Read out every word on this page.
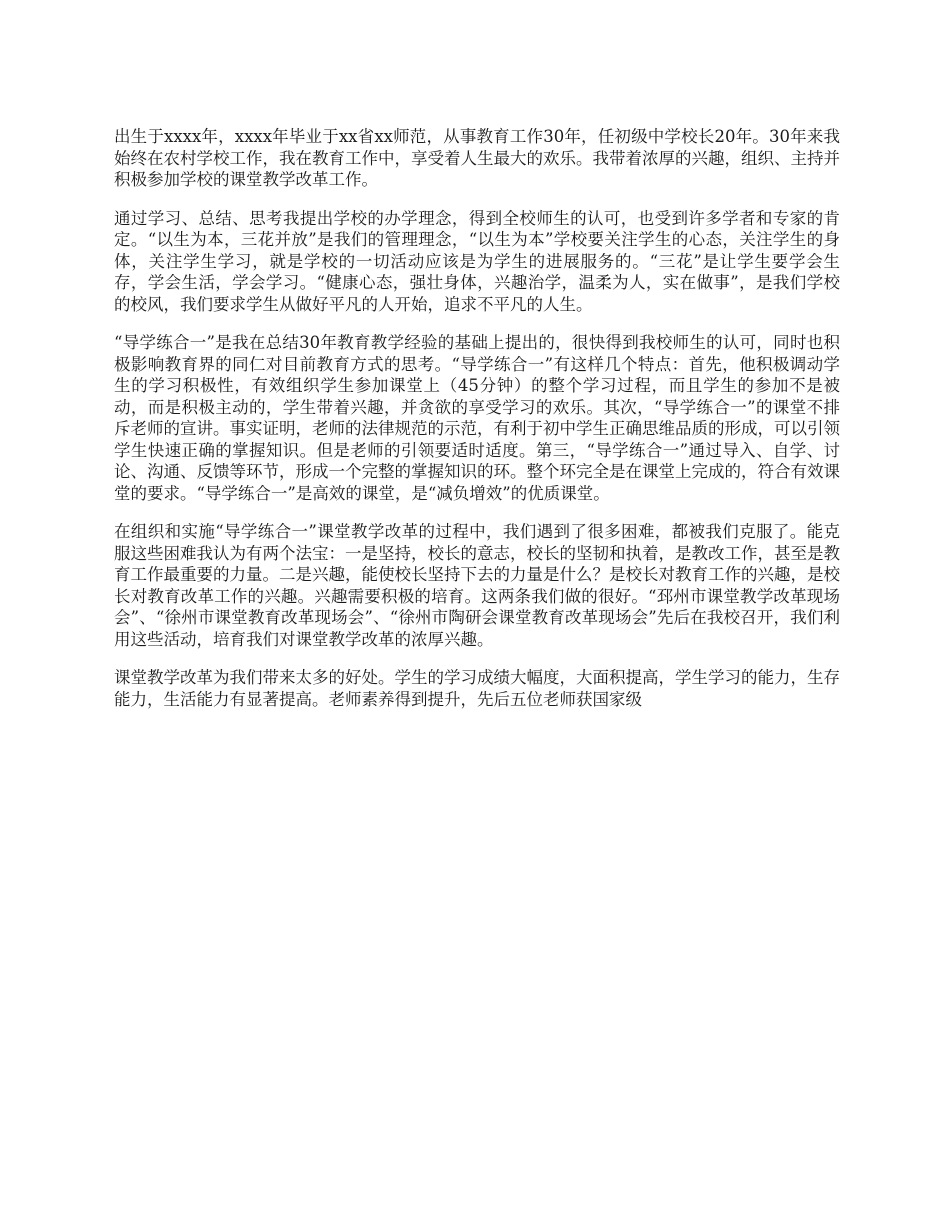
出生于xxxx年，xxxx年毕业于xx省xx师范，从事教育工作30年，任初级中学校长20年。30年来我始终在农村学校工作，我在教育工作中，享受着人生最大的欢乐。我带着浓厚的兴趣，组织、主持并积极参加学校的课堂教学改革工作。

通过学习、总结、思考我提出学校的办学理念，得到全校师生的认可，也受到许多学者和专家的肯定。“以生为本，三花并放”是我们的管理理念，“以生为本”学校要关注学生的心态，关注学生的身体，关注学生学习，就是学校的一切活动应该是为学生的进展服务的。“三花”是让学生要学会生存，学会生活，学会学习。“健康心态，强壮身体，兴趣治学，温柔为人，实在做事”，是我们学校的校风，我们要求学生从做好平凡的人开始，追求不平凡的人生。

“导学练合一”是我在总结30年教育教学经验的基础上提出的，很快得到我校师生的认可，同时也积极影响教育界的同仁对目前教育方式的思考。“导学练合一”有这样几个特点：首先，他积极调动学生的学习积极性，有效组织学生参加课堂上（45分钟）的整个学习过程，而且学生的参加不是被动，而是积极主动的，学生带着兴趣，并贪欲的享受学习的欢乐。其次，“导学练合一”的课堂不排斥老师的宣讲。事实证明，老师的法律规范的示范，有利于初中学生正确思维品质的形成，可以引领学生快速正确的掌握知识。但是老师的引领要适时适度。第三，“导学练合一”通过导入、自学、讨论、沟通、反馈等环节，形成一个完整的掌握知识的环。整个环完全是在课堂上完成的，符合有效课堂的要求。“导学练合一”是高效的课堂，是“减负增效”的优质课堂。

在组织和实施“导学练合一”课堂教学改革的过程中，我们遇到了很多困难，都被我们克服了。能克服这些困难我认为有两个法宝：一是坚持，校长的意志，校长的坚韧和执着，是教改工作，甚至是教育工作最重要的力量。二是兴趣，能使校长坚持下去的力量是什么？是校长对教育工作的兴趣，是校长对教育改革工作的兴趣。兴趣需要积极的培育。这两条我们做的很好。“邳州市课堂教学改革现场会”、“徐州市课堂教育改革现场会”、“徐州市陶研会课堂教育改革现场会”先后在我校召开，我们利用这些活动，培育我们对课堂教学改革的浓厚兴趣。

课堂教学改革为我们带来太多的好处。学生的学习成绩大幅度，大面积提高，学生学习的能力，生存能力，生活能力有显著提高。老师素养得到提升，先后五位老师获国家级
